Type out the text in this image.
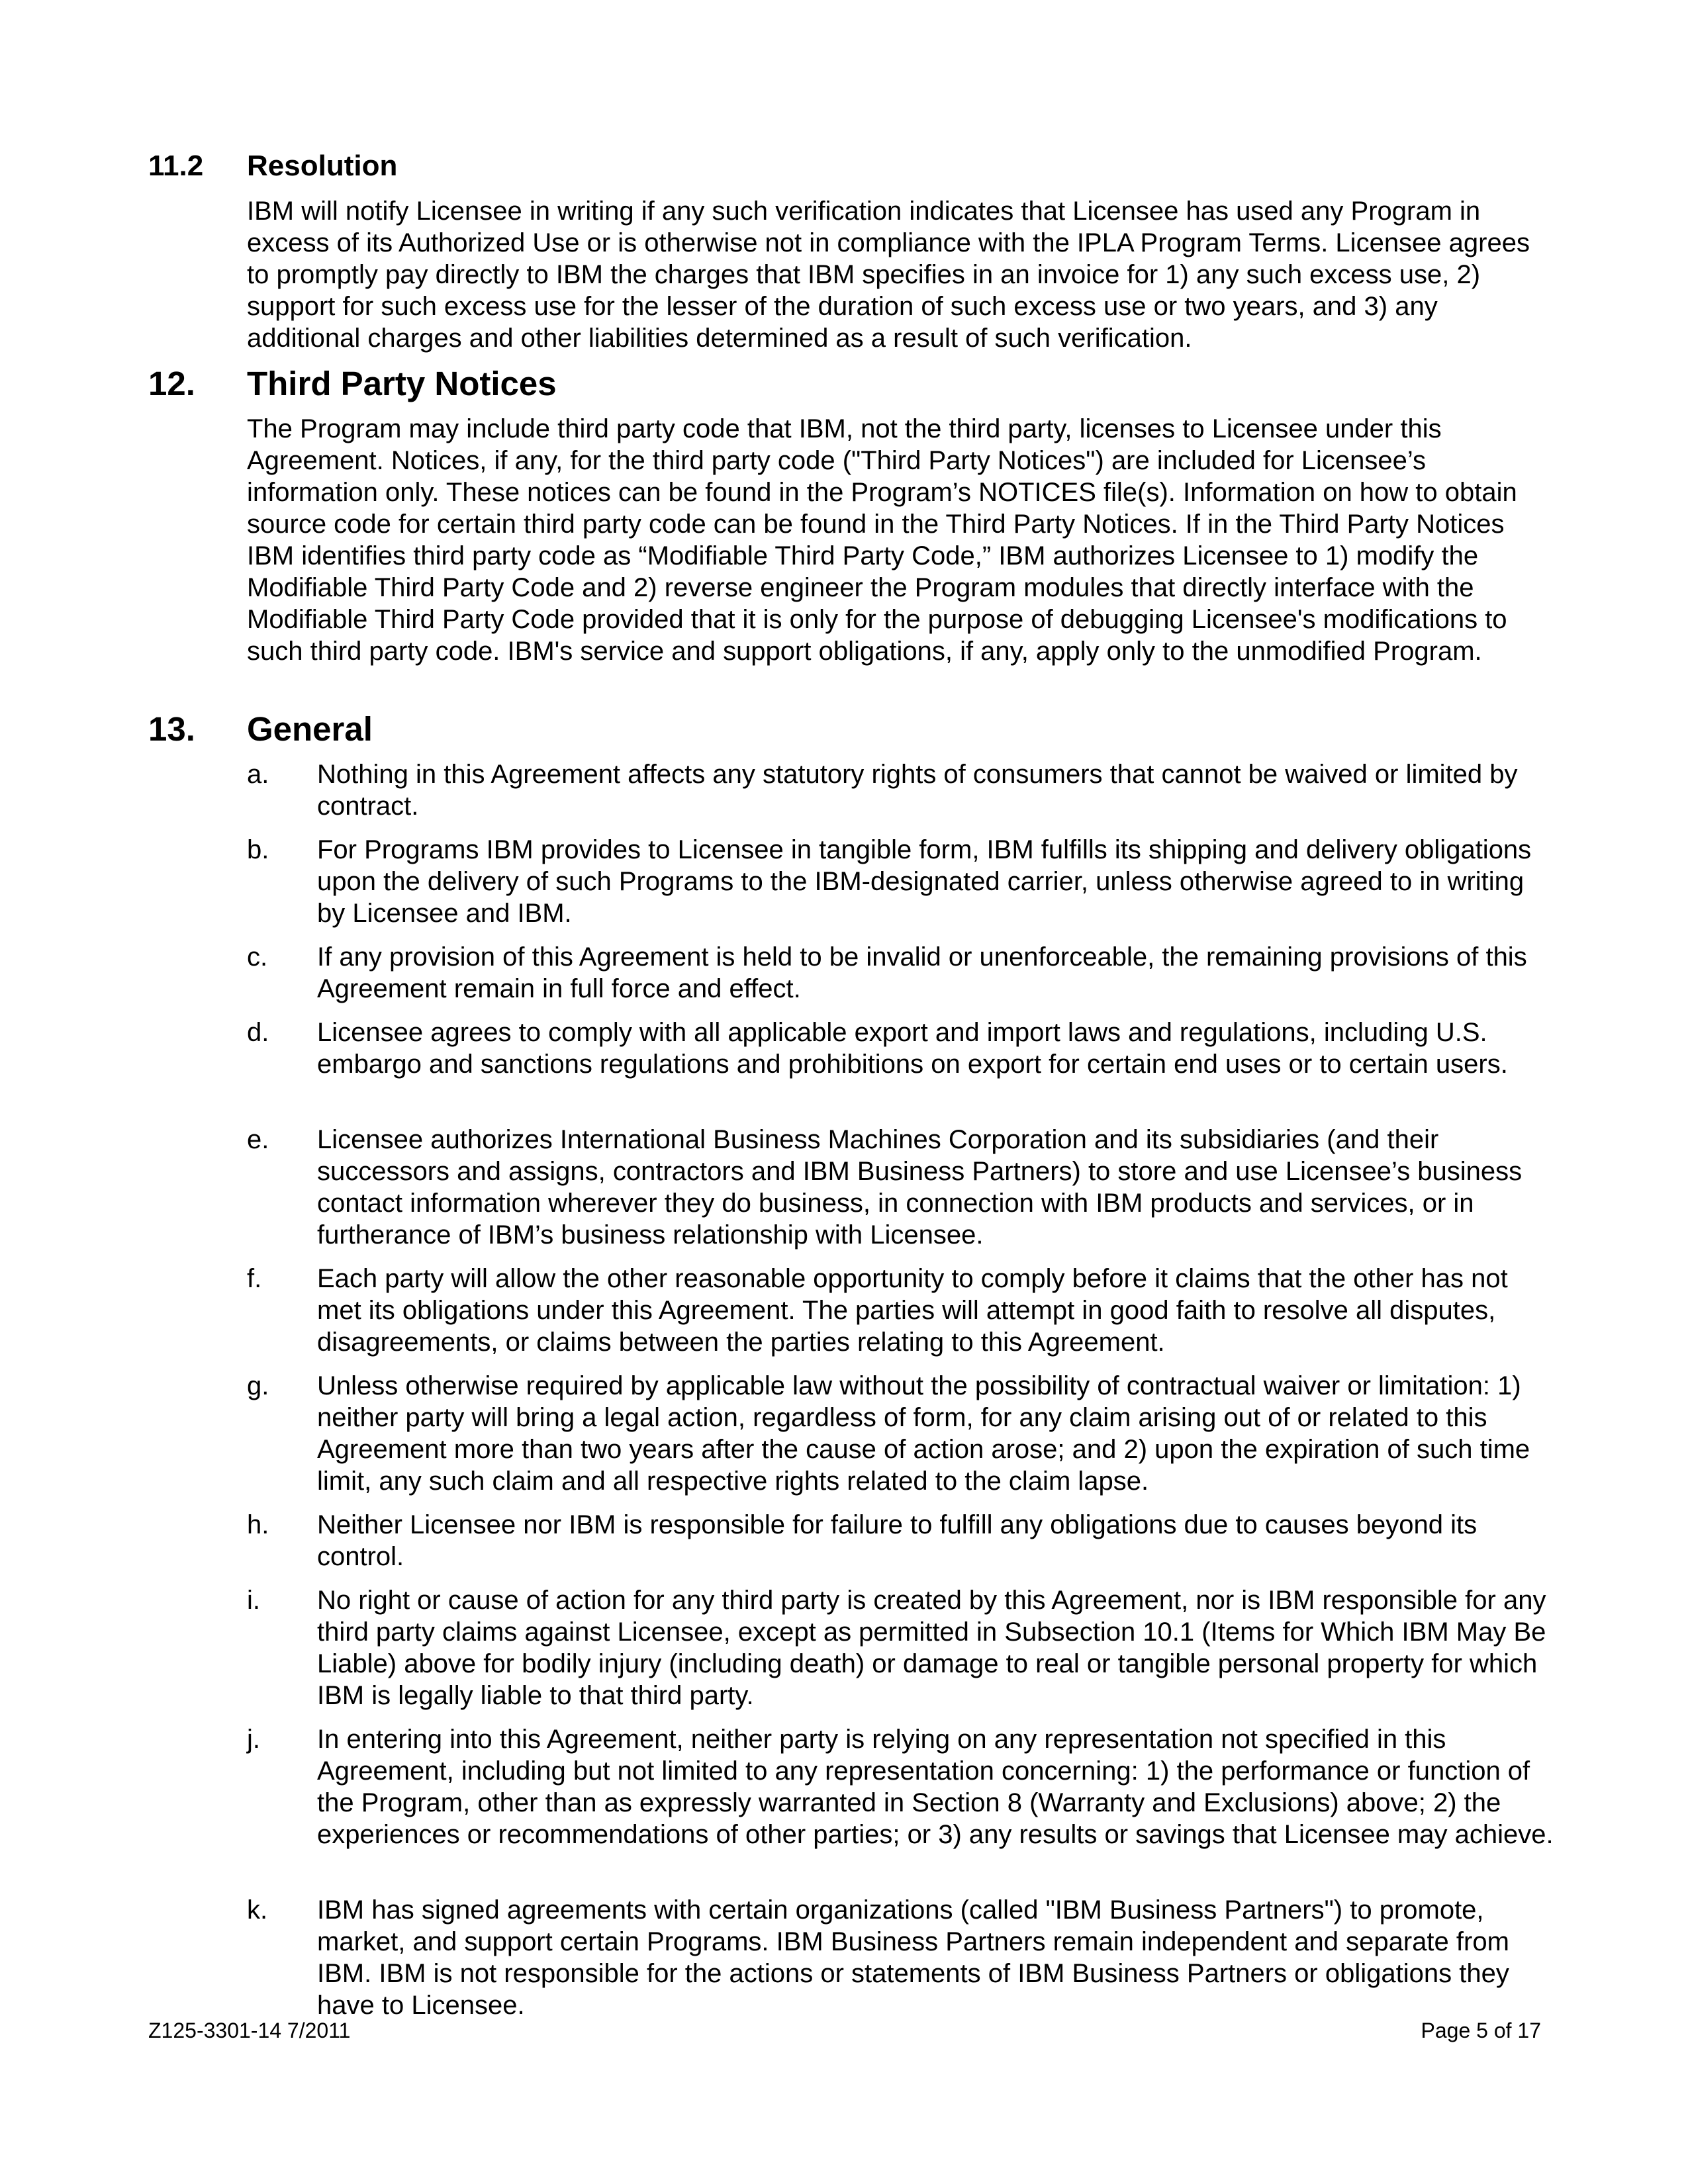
11.2 Resolution

IBM will notify Licensee in writing if any such verification indicates that Licensee has used any Program in excess of its Authorized Use or is otherwise not in compliance with the IPLA Program Terms. Licensee agrees to promptly pay directly to IBM the charges that IBM specifies in an invoice for 1) any such excess use, 2) support for such excess use for the lesser of the duration of such excess use or two years, and 3) any additional charges and other liabilities determined as a result of such verification.

12. Third Party Notices

The Program may include third party code that IBM, not the third party, licenses to Licensee under this Agreement. Notices, if any, for the third party code ("Third Party Notices") are included for Licensee’s information only. These notices can be found in the Program’s NOTICES file(s). Information on how to obtain source code for certain third party code can be found in the Third Party Notices. If in the Third Party Notices IBM identifies third party code as “Modifiable Third Party Code,” IBM authorizes Licensee to 1) modify the Modifiable Third Party Code and 2) reverse engineer the Program modules that directly interface with the Modifiable Third Party Code provided that it is only for the purpose of debugging Licensee's modifications to such third party code. IBM's service and support obligations, if any, apply only to the unmodified Program.

13. General
a. Nothing in this Agreement affects any statutory rights of consumers that cannot be waived or limited by contract.
b. For Programs IBM provides to Licensee in tangible form, IBM fulfills its shipping and delivery obligations upon the delivery of such Programs to the IBM-designated carrier, unless otherwise agreed to in writing by Licensee and IBM.
c. If any provision of this Agreement is held to be invalid or unenforceable, the remaining provisions of this Agreement remain in full force and effect.
d. Licensee agrees to comply with all applicable export and import laws and regulations, including U.S. embargo and sanctions regulations and prohibitions on export for certain end uses or to certain users.
e. Licensee authorizes International Business Machines Corporation and its subsidiaries (and their successors and assigns, contractors and IBM Business Partners) to store and use Licensee’s business contact information wherever they do business, in connection with IBM products and services, or in furtherance of IBM’s business relationship with Licensee.
f. Each party will allow the other reasonable opportunity to comply before it claims that the other has not met its obligations under this Agreement. The parties will attempt in good faith to resolve all disputes, disagreements, or claims between the parties relating to this Agreement.
g. Unless otherwise required by applicable law without the possibility of contractual waiver or limitation: 1) neither party will bring a legal action, regardless of form, for any claim arising out of or related to this Agreement more than two years after the cause of action arose; and 2) upon the expiration of such time limit, any such claim and all respective rights related to the claim lapse.
h. Neither Licensee nor IBM is responsible for failure to fulfill any obligations due to causes beyond its control.
i. No right or cause of action for any third party is created by this Agreement, nor is IBM responsible for any third party claims against Licensee, except as permitted in Subsection 10.1 (Items for Which IBM May Be Liable) above for bodily injury (including death) or damage to real or tangible personal property for which IBM is legally liable to that third party.
j. In entering into this Agreement, neither party is relying on any representation not specified in this Agreement, including but not limited to any representation concerning: 1) the performance or function of the Program, other than as expressly warranted in Section 8 (Warranty and Exclusions) above; 2) the experiences or recommendations of other parties; or 3) any results or savings that Licensee may achieve.
k. IBM has signed agreements with certain organizations (called "IBM Business Partners") to promote, market, and support certain Programs. IBM Business Partners remain independent and separate from IBM. IBM is not responsible for the actions or statements of IBM Business Partners or obligations they have to Licensee.
Z125-3301-14 7/2011	Page 5 of 17
